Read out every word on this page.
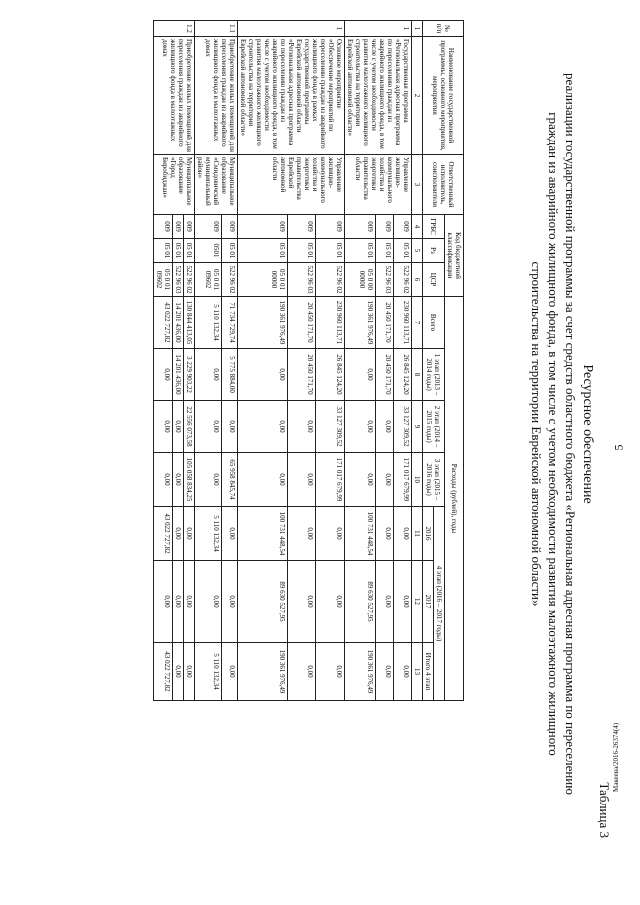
5
Макеева/2016-26374(4)
Таблица 3
Ресурсное обеспечение
реализации государственной программы за счет средств областного бюджета «Региональная адресная программа по переселению
граждан из аварийного жилищного фонда, в том числе с учетом необходимости развития малоэтажного жилищного
строительства на территории Еврейской автономной области»
№ п/п	Наименование государственной программы, основного мероприятия, мероприятия	Ответственный исполнитель, соисполнители	Код бюджетной классификации			Расходы (рублей), годы						
			ГРБС	Рз	ЦСР	Всего	1 этап (2013 – 2014 годы)	2 этап (2014 – 2015 годы)	3 этап (2015 – 2016 годы)	4 этап (2016 – 2017 годы)		
										2016	2017	Итого 4 этап
1	2	3	4	5	6	7	8	9	10	11	12	13
1	Государственная программа «Региональная адресная программа по переселению граждан из аварийного жилищного фонда, в том числе с учетом необходимости развития малоэтажного жилищного строительства на территории Еврейской автономной области»	Управление жилищно-коммунального хозяйства и энергетики правительства области	009	05 01	522 96 02	230 960 113,71	26 845 124,20	33 127 309,52	171 017 679,99	0,00	0,00	0,00
			009	05 01	522 96 03	20 450 171,70	20 450 171,70	0,00	0,00	0,00	0,00	0,00
			009	05 01	05 0 00 00000	190 361 976,49	0,00	0,00	0,00	100 731 448,54	89 630 527,95	190 361 976,49
1	Основное мероприятие «Обеспечение мероприятий по переселению граждан из аварийного жилищного фонда в рамках государственной программы Еврейской автономной области «Региональная адресная программа по переселению граждан из аварийного жилищного фонда, в том числе с учетом необходимости развития малоэтажного жилищного строительства на территории Еврейской автономной области»	Управление жилищно-коммунального хозяйства и энергетики правительства Еврейской автономной области	009	05 01	522 96 02	230 960 113,71	26 845 124,20	33 127 309,52	171 017 679,99	0,00	0,00	0,00
			009	05 01	522 96 03	20 450 171,70	20 450 171,70	0,00	0,00	0,00	0,00	0,00
			009	05 01	05 0 01 00000	190 361 976,49	0,00	0,00	0,00	100 731 448,54	89 630 527,95	190 361 976,49
1.1	Приобретение жилых помещений для переселения граждан из аварийного жилищного фонда в малоэтажных домах	Муниципальное образование «Смидовичский муниципальный район»	009	05 01	522 96 02	71 734 729,74	5 775 884,00	0,00	65 958 845,74	0,00	0,00	0,00
			009	0501	05 0 01 09602	5 110 132,34	0,00	0,00	0,00	5 110 132,34	0,00	5 110 132,34
1.2	Приобретение жилых помещений для переселения граждан из аварийного жилищного фонда в малоэтажных домах	Муниципальное образование «Город Биробиджан»	009	05 01	522 96 02	130 844 413,05	3 229 903,22	22 556 073,58	105 058 834,25	0,00	0,00	0,00
			009	05 01	522 96 03	14 201 436,00	14 201 436,00	0,00	0,00	0,00	0,00	0,00
			009	05 01	05 0 01 09602	43 022 727,82	0,00	0,00	0,00	43 022 727,82	0,00	43 022 727,82
